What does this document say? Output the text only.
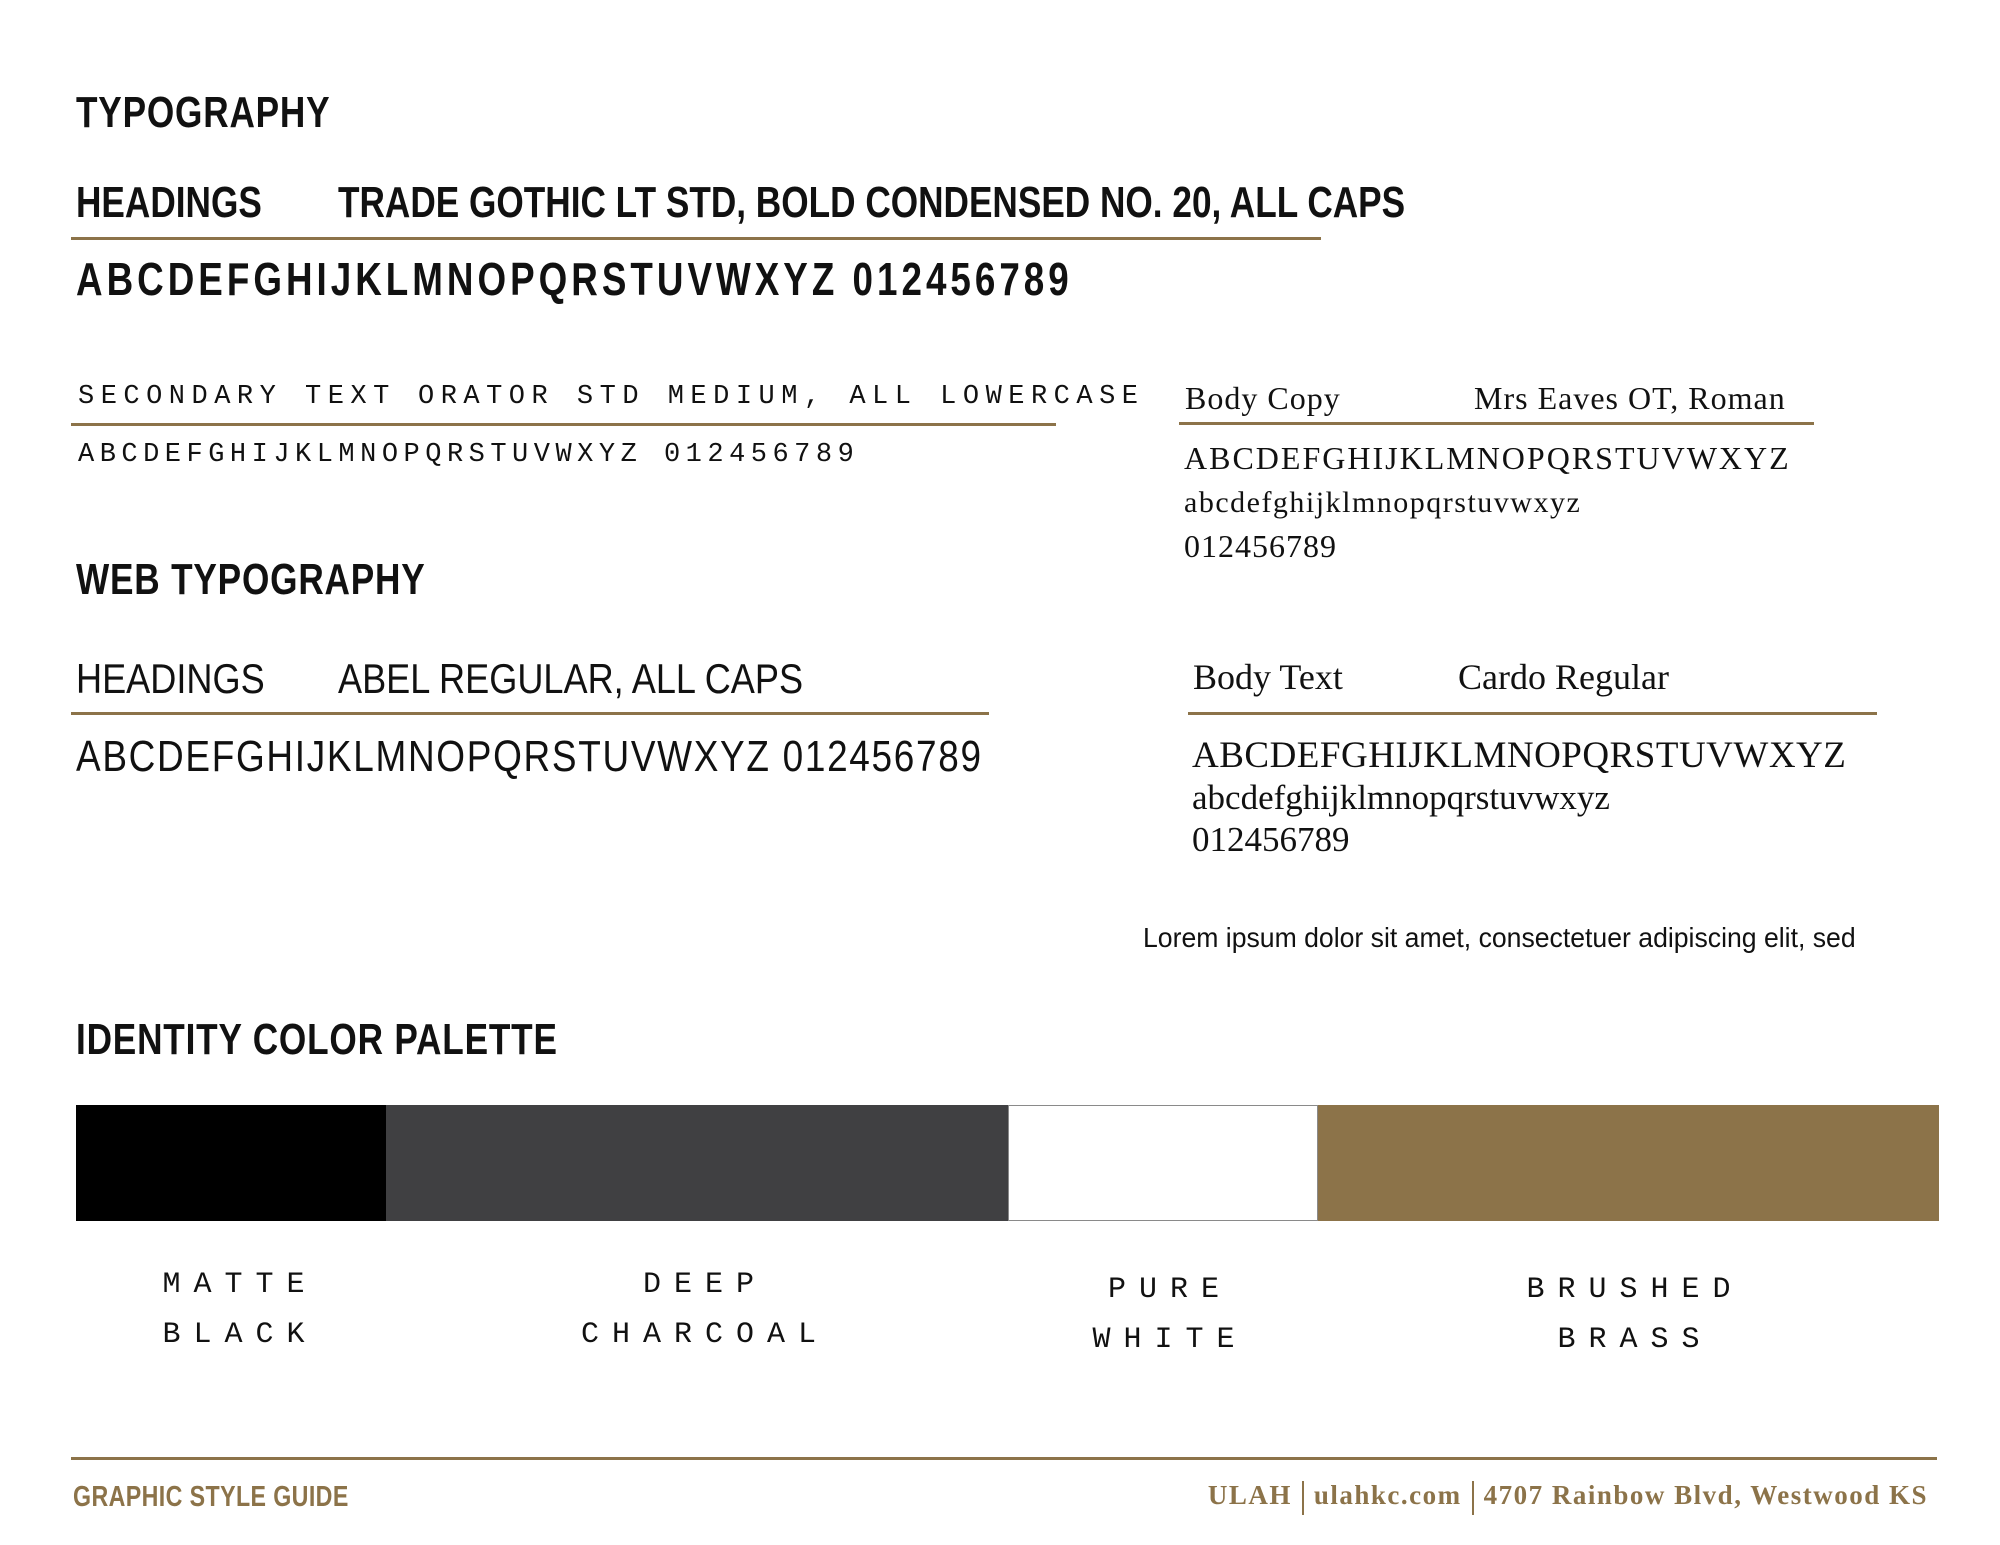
TYPOGRAPHY
HEADINGS TRADE GOTHIC LT STD, BOLD CONDENSED NO. 20, ALL CAPS
ABCDEFGHIJKLMNOPQRSTUVWXYZ 012456789
SECONDARY TEXT ORATOR STD MEDIUM, ALL LOWERCASE
ABCDEFGHIJKLMNOPQRSTUVWXYZ 012456789
Body Copy	Mrs Eaves OT, Roman
ABCDEFGHIJKLMNOPQRSTUVWXYZ
abcdefghijklmnopqrstuvwxyz
012456789
WEB TYPOGRAPHY
HEADINGS ABEL REGULAR, ALL CAPS
ABCDEFGHIJKLMNOPQRSTUVWXYZ 012456789
Body Text	Cardo Regular
ABCDEFGHIJKLMNOPQRSTUVWXYZ
abcdefghijklmnopqrstuvwxyz
012456789
Lorem ipsum dolor sit amet, consectetuer adipiscing elit, sed
IDENTITY COLOR PALETTE
MATTE
BLACK
DEEP
CHARCOAL
PURE
WHITE
BRUSHED
BRASS
GRAPHIC STYLE GUIDE	ULAH ulahkc.com 4707 Rainbow Blvd, Westwood KS
